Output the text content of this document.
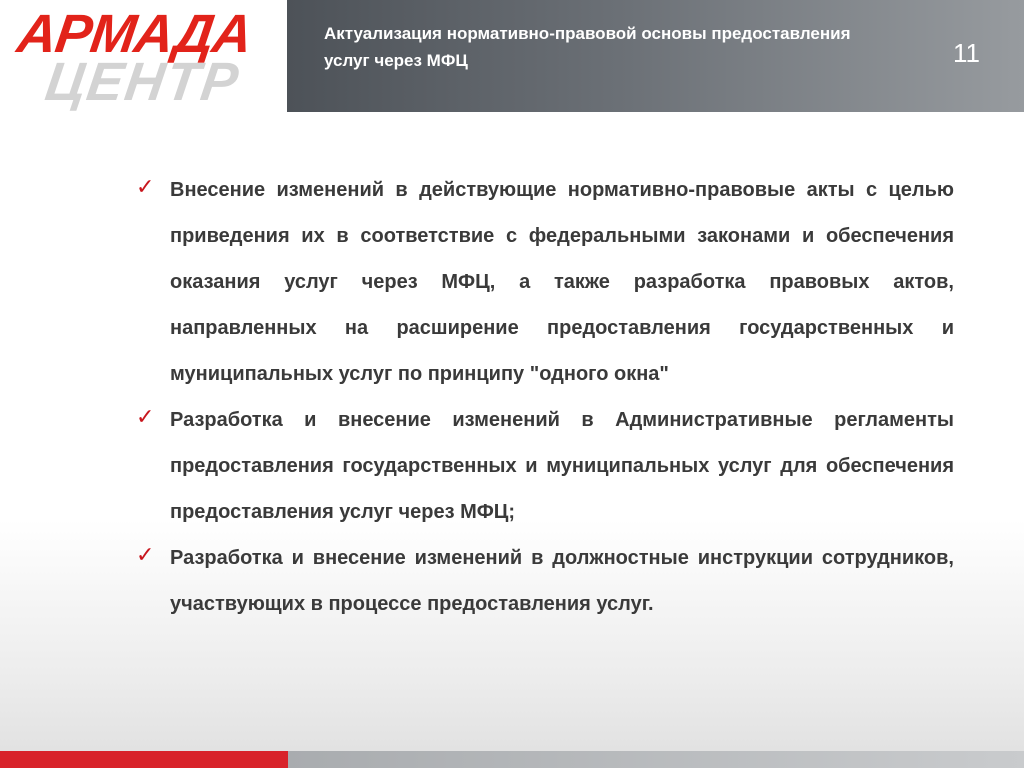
АРМАДА
ЦЕНТР
Актуализация нормативно-правовой основы предоставления услуг через МФЦ	11
✓ Внесение изменений в действующие нормативно-правовые акты с целью приведения их в соответствие с федеральными законами и обеспечения оказания услуг через МФЦ, а также разработка правовых актов, направленных на расширение предоставления государственных и муниципальных услуг по принципу "одного окна"
✓ Разработка и внесение изменений в Административные регламенты предоставления государственных и муниципальных услуг для обеспечения предоставления услуг через МФЦ;
✓ Разработка и внесение изменений в должностные инструкции сотрудников, участвующих в процессе предоставления услуг.
